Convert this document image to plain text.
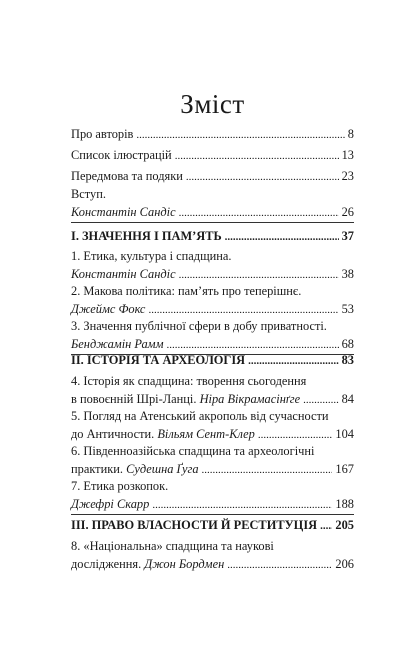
Зміст
Про авторів .....	8
Список ілюстрацій .....	13
Передмова та подяки .....	23
Вступ.
Константін Сандіс .....	26
I. ЗНАЧЕННЯ І ПАМ’ЯТЬ .....	37
1. Етика, культура і спадщина.
Константін Сандіс .....	38
2. Макова політика: пам’ять про теперішнє.
Джеймс Фокс .....	53
3. Значення публічної сфери в добу приватності.
Бенджамін Рамм .....	68
II. ІСТОРІЯ ТА АРХЕОЛОГІЯ .....	83
4. Історія як спадщина: творення сьогодення
в повоєнній Шрі-Ланці. Ніра Вікрамасінґге .....	84
5. Погляд на Атенський акрополь від сучасности
до Античности. Вільям Сент-Клер .....	104
6. Південноазійська спадщина та археологічні
практики. Судешна Ґуга .....	167
7. Етика розкопок.
Джефрі Скарр .....	188
III. ПРАВО ВЛАСНОСТИ Й РЕСТИТУЦІЯ ..... 205
8. «Національна» спадщина та наукові
дослідження. Джон Бордмен .....	206
